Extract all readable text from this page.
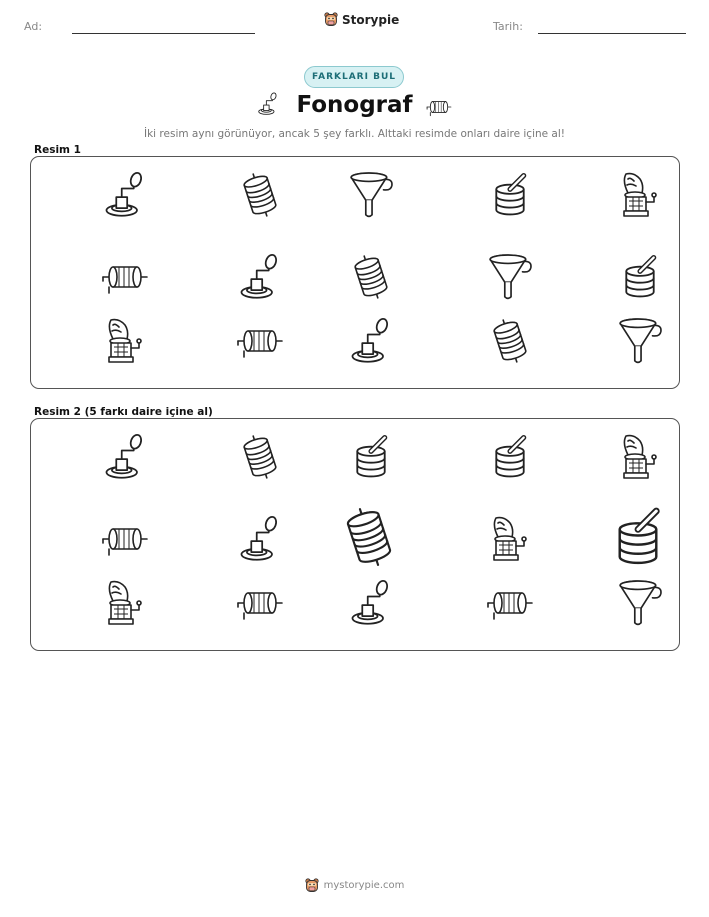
Ad:	Storypie	Tarih:
FARKLARI BUL
Fonograf
İki resim aynı görünüyor, ancak 5 şey farklı. Alttaki resimde onları daire içine al!
Resim 1
Resim 2 (5 farkı daire içine al)
mystorypie.com
